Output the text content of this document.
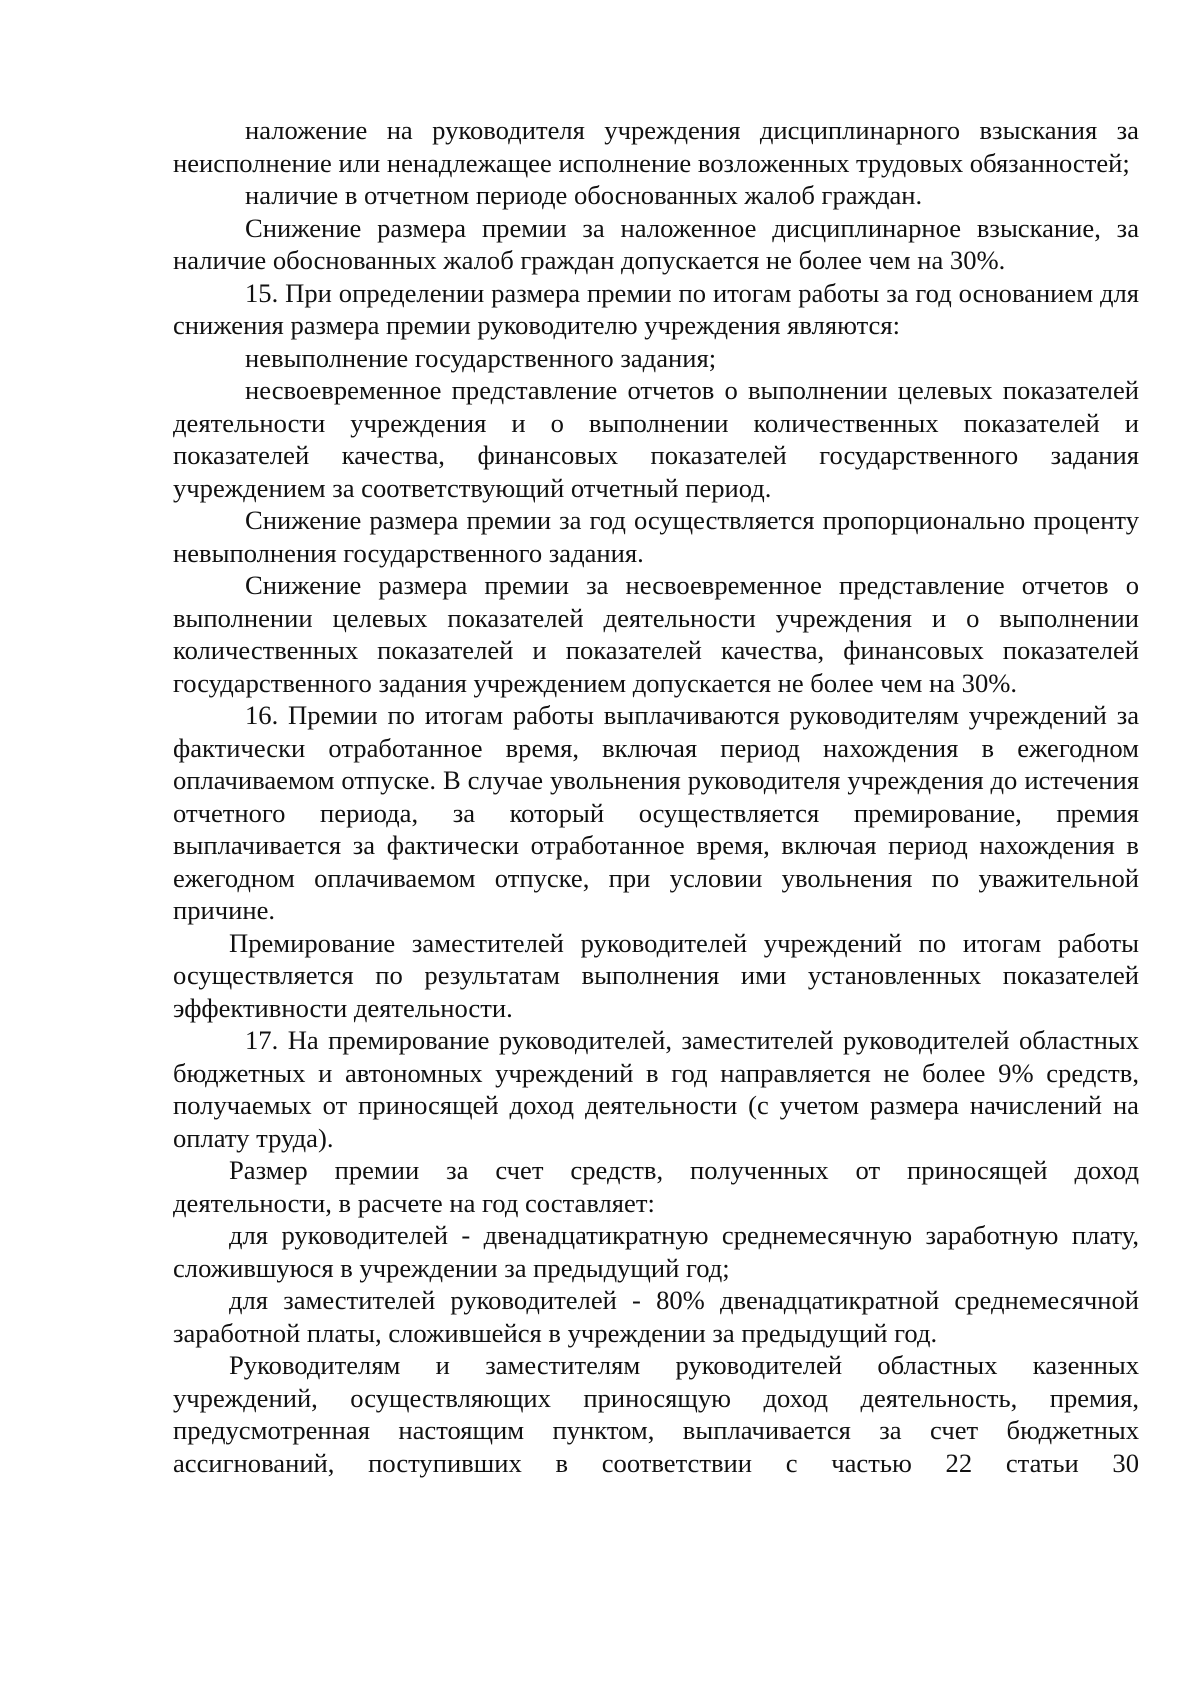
наложение на руководителя учреждения дисциплинарного взыскания за неисполнение или ненадлежащее исполнение возложенных трудовых обязанностей;

наличие в отчетном периоде обоснованных жалоб граждан.

Снижение размера премии за наложенное дисциплинарное взыскание, за наличие обоснованных жалоб граждан допускается не более чем на 30%.

15. При определении размера премии по итогам работы за год основанием для снижения размера премии руководителю учреждения являются:

невыполнение государственного задания;

несвоевременное представление отчетов о выполнении целевых показателей деятельности учреждения и о выполнении количественных показателей и показателей качества, финансовых показателей государственного задания учреждением за соответствующий отчетный период.

Снижение размера премии за год осуществляется пропорционально проценту невыполнения государственного задания.

Снижение размера премии за несвоевременное представление отчетов о выполнении целевых показателей деятельности учреждения и о выполнении количественных показателей и показателей качества, финансовых показателей государственного задания учреждением допускается не более чем на 30%.

16. Премии по итогам работы выплачиваются руководителям учреждений за фактически отработанное время, включая период нахождения в ежегодном оплачиваемом отпуске. В случае увольнения руководителя учреждения до истечения отчетного периода, за который осуществляется премирование, премия выплачивается за фактически отработанное время, включая период нахождения в ежегодном оплачиваемом отпуске, при условии увольнения по уважительной причине.

Премирование заместителей руководителей учреждений по итогам работы осуществляется по результатам выполнения ими установленных показателей эффективности деятельности.

17. На премирование руководителей, заместителей руководителей областных бюджетных и автономных учреждений в год направляется не более 9% средств, получаемых от приносящей доход деятельности (с учетом размера начислений на оплату труда).

Размер премии за счет средств, полученных от приносящей доход деятельности, в расчете на год составляет:

для руководителей - двенадцатикратную среднемесячную заработную плату, сложившуюся в учреждении за предыдущий год;

для заместителей руководителей - 80% двенадцатикратной среднемесячной заработной платы, сложившейся в учреждении за предыдущий год.

Руководителям и заместителям руководителей областных казенных учреждений, осуществляющих приносящую доход деятельность, премия, предусмотренная настоящим пунктом, выплачивается за счет бюджетных ассигнований, поступивших в соответствии с частью 22 статьи 30
